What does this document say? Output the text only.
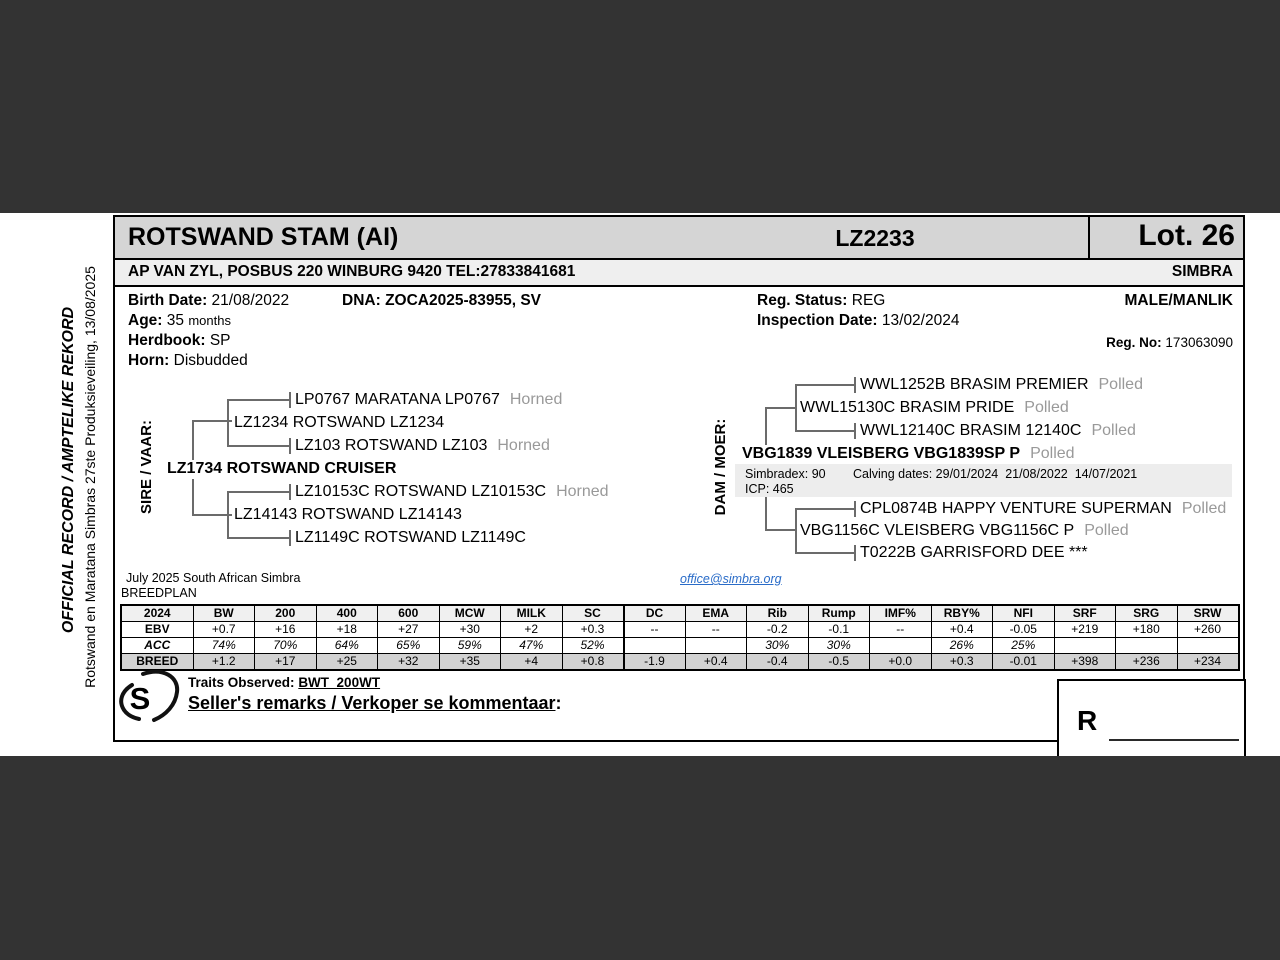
OFFICIAL RECORD / AMPTELIKE REKORD Rotswand en Maratana Simbras 27ste Produksieveiling, 13/08/2025
ROTSWAND STAM (AI)	LZ2233	Lot. 26
AP VAN ZYL, POSBUS 220 WINBURG 9420 TEL:27833841681	SIMBRA
Birth Date: 21/08/2022	DNA: ZOCA2025-83955, SV
Age: 35 months
Herdbook: SP
Horn: Disbudded
Reg. Status: REG
Inspection Date: 13/02/2024
MALE/MANLIK
Reg. No: 173063090
SIRE / VAAR:
LP0767 MARATANA LP0767 Horned
LZ1234 ROTSWAND LZ1234
LZ103 ROTSWAND LZ103 Horned
LZ1734 ROTSWAND CRUISER
LZ10153C ROTSWAND LZ10153C Horned
LZ14143 ROTSWAND LZ14143
LZ1149C ROTSWAND LZ1149C
DAM / MOER:
WWL1252B BRASIM PREMIER Polled
WWL15130C BRASIM PRIDE Polled
WWL12140C BRASIM 12140C Polled
VBG1839 VLEISBERG VBG1839SP P Polled
Simbradex: 90 Calving dates: 29/01/2024  21/08/2022  14/07/2021
ICP: 465
CPL0874B HAPPY VENTURE SUPERMAN Polled
VBG1156C VLEISBERG VBG1156C P Polled
T0222B GARRISFORD DEE ***
July 2025 South African Simbra
BREEDPLAN
office@simbra.org
2024	BW	200	400	600	MCW	MILK	SC	DC	EMA	Rib	Rump	IMF%	RBY%	NFI	SRF	SRG	SRW
EBV	+0.7	+16	+18	+27	+30	+2	+0.3	--	--	-0.2	-0.1	--	+0.4	-0.05	+219	+180	+260
ACC	74%	70%	64%	65%	59%	47%	52%			30%	30%		26%	25%			
BREED	+1.2	+17	+25	+32	+35	+4	+0.8	-1.9	+0.4	-0.4	-0.5	+0.0	+0.3	-0.01	+398	+236	+234
S	Traits Observed: BWT  200WT
Seller's remarks / Verkoper se kommentaar:
R
